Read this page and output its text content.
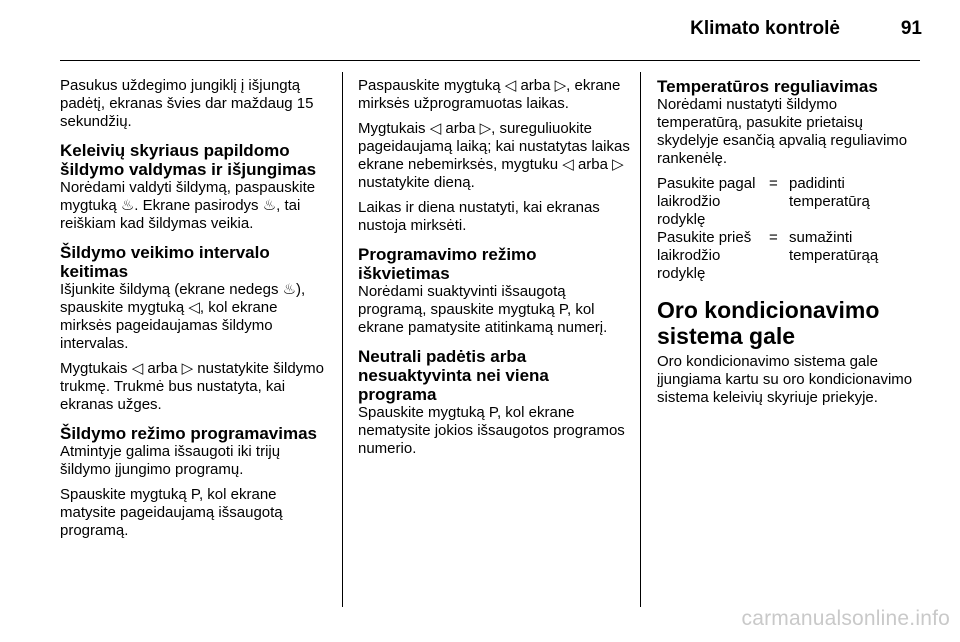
Klimato kontrolė	91

Pasukus uždegimo jungiklį į išjungtą padėtį, ekranas švies dar maždaug 15 sekundžių.

Keleivių skyriaus papildomo šildymo valdymas ir išjungimas

Norėdami valdyti šildymą, paspauskite mygtuką ♨. Ekrane pasirodys ♨, tai reiškiam kad šildymas veikia.

Šildymo veikimo intervalo keitimas

Išjunkite šildymą (ekrane nedegs ♨), spauskite mygtuką ◁, kol ekrane mirksės pageidaujamas šildymo intervalas.

Mygtukais ◁ arba ▷ nustatykite šildymo trukmę. Trukmė bus nustatyta, kai ekranas užges.

Šildymo režimo programavimas

Atmintyje galima išsaugoti iki trijų šildymo įjungimo programų.

Spauskite mygtuką P, kol ekrane matysite pageidaujamą išsaugotą programą.

Paspauskite mygtuką ◁ arba ▷, ekrane mirksės užprogramuotas laikas.

Mygtukais ◁ arba ▷, sureguliuokite pageidaujamą laiką; kai nustatytas laikas ekrane nebemirksės, mygtuku ◁ arba ▷ nustatykite dieną.

Laikas ir diena nustatyti, kai ekranas nustoja mirksėti.

Programavimo režimo iškvietimas

Norėdami suaktyvinti išsaugotą programą, spauskite mygtuką P, kol ekrane pamatysite atitinkamą numerį.

Neutrali padėtis arba nesuaktyvinta nei viena programa

Spauskite mygtuką P, kol ekrane nematysite jokios išsaugotos programos numerio.

Temperatūros reguliavimas

Norėdami nustatyti šildymo temperatūrą, pasukite prietaisų skydelyje esančią apvalią reguliavimo rankenėlę.

Pasukite pagal laikrodžio rodyklę
= padidinti temperatūrą
Pasukite prieš laikrodžio rodyklę
= sumažinti temperatūrąą
Oro kondicionavimo sistema gale

Oro kondicionavimo sistema gale įjungiama kartu su oro kondicionavimo sistema keleivių skyriuje priekyje.

carmanualsonline.info
